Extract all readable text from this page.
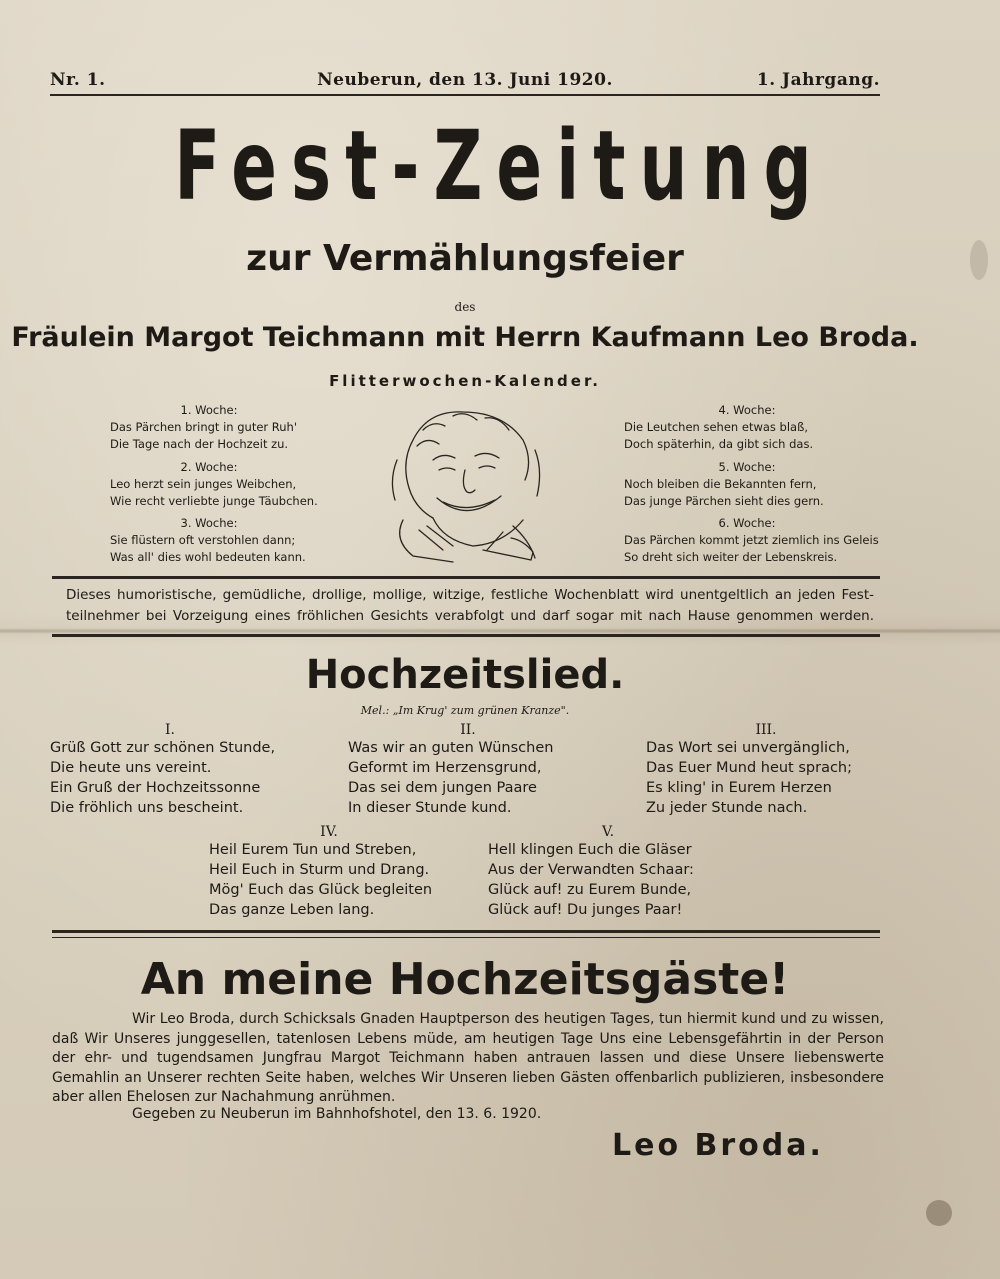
Neuberun, den 13. Juni 1920.
Nr. 1.	1. Jahrgang.
Fest-Zeitung
zur Vermählungsfeier
des
Fräulein Margot Teichmann mit Herrn Kaufmann Leo Broda.
Flitterwochen-Kalender.
1. Woche:
Das Pärchen bringt in guter Ruh'
Die Tage nach der Hochzeit zu.
2. Woche:
Leo herzt sein junges Weibchen,
Wie recht verliebte junge Täubchen.
3. Woche:
Sie flüstern oft verstohlen dann;
Was all' dies wohl bedeuten kann.
4. Woche:
Die Leutchen sehen etwas blaß,
Doch späterhin, da gibt sich das.
5. Woche:
Noch bleiben die Bekannten fern,
Das junge Pärchen sieht dies gern.
6. Woche:
Das Pärchen kommt jetzt ziemlich ins Geleis
So dreht sich weiter der Lebenskreis.
Dieses humoristische, gemüdliche, drollige, mollige, witzige, festliche Wochenblatt wird unentgeltlich an jeden Fest-
teilnehmer bei Vorzeigung eines fröhlichen Gesichts verabfolgt und darf sogar mit nach Hause genommen werden.
Hochzeitslied.
Mel.: „Im Krug' zum grünen Kranze".
I.
Grüß Gott zur schönen Stunde,
Die heute uns vereint.
Ein Gruß der Hochzeitssonne
Die fröhlich uns bescheint.
II.
Was wir an guten Wünschen
Geformt im Herzensgrund,
Das sei dem jungen Paare
In dieser Stunde kund.
III.
Das Wort sei unvergänglich,
Das Euer Mund heut sprach;
Es kling' in Eurem Herzen
Zu jeder Stunde nach.
IV.
Heil Eurem Tun und Streben,
Heil Euch in Sturm und Drang.
Mög' Euch das Glück begleiten
Das ganze Leben lang.
V.
Hell klingen Euch die Gläser
Aus der Verwandten Schaar:
Glück auf! zu Eurem Bunde,
Glück auf! Du junges Paar!
An meine Hochzeitsgäste!

Wir Leo Broda, durch Schicksals Gnaden Hauptperson des heutigen Tages, tun hiermit kund und zu wissen, daß Wir Unseres junggesellen, tatenlosen Lebens müde, am heutigen Tage Uns eine Lebensgefährtin in der Person der ehr- und tugendsamen Jungfrau Margot Teichmann haben antrauen lassen und diese Unsere liebenswerte Gemahlin an Unserer rechten Seite haben, welches Wir Unseren lieben Gästen offenbarlich publizieren, insbesondere aber allen Ehelosen zur Nachahmung anrühmen.

Gegeben zu Neuberun im Bahnhofshotel, den 13. 6. 1920.
Leo Broda.
